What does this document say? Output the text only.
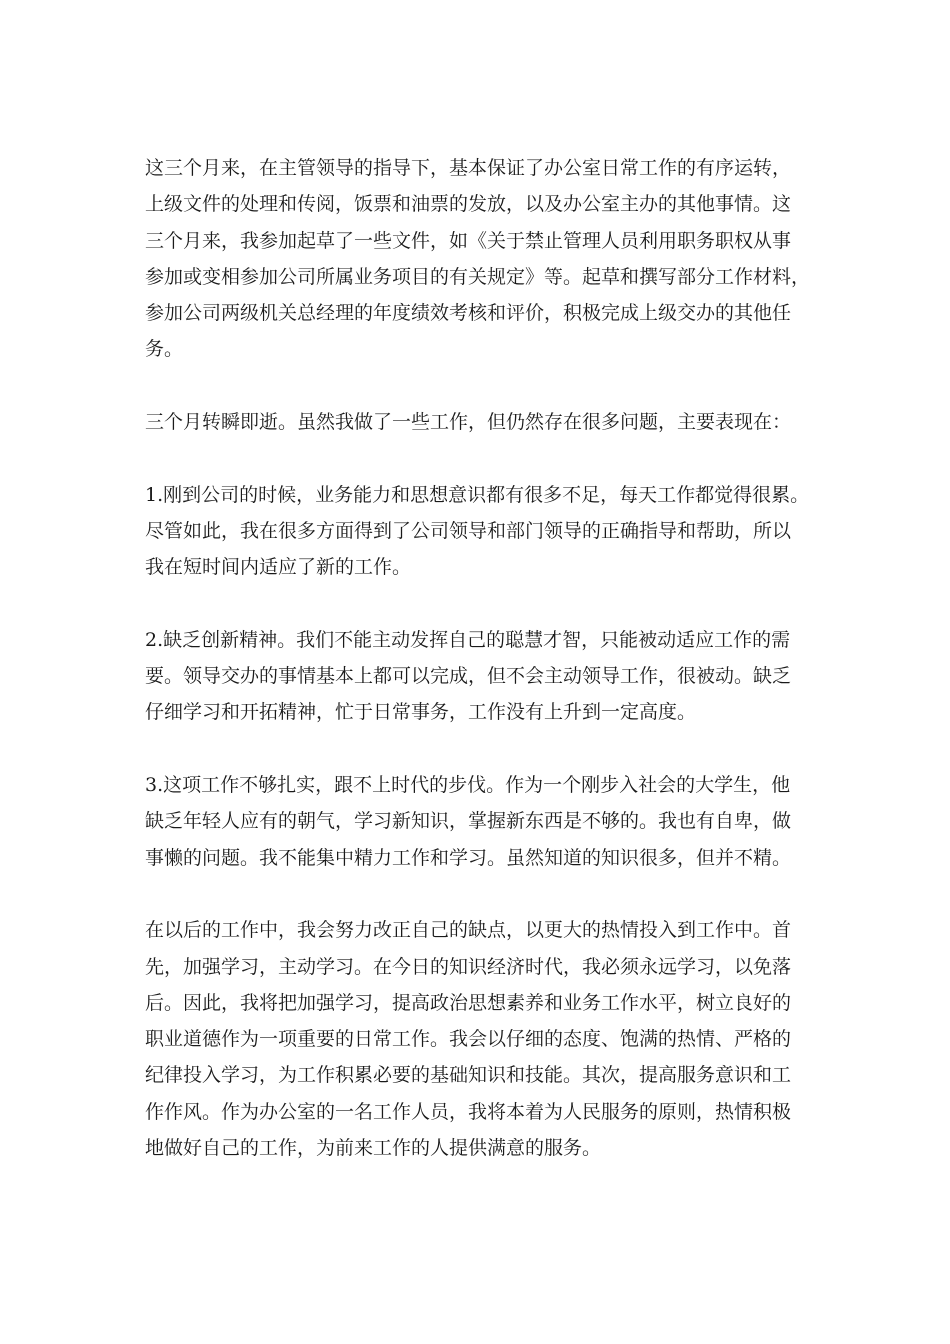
这三个月来，在主管领导的指导下，基本保证了办公室日常工作的有序运转，
上级文件的处理和传阅，饭票和油票的发放，以及办公室主办的其他事情。这
三个月来，我参加起草了一些文件，如《关于禁止管理人员利用职务职权从事
参加或变相参加公司所属业务项目的有关规定》等。起草和撰写部分工作材料，
参加公司两级机关总经理的年度绩效考核和评价，积极完成上级交办的其他任
务。

三个月转瞬即逝。虽然我做了一些工作，但仍然存在很多问题，主要表现在：

1.刚到公司的时候，业务能力和思想意识都有很多不足，每天工作都觉得很累。
尽管如此，我在很多方面得到了公司领导和部门领导的正确指导和帮助，所以
我在短时间内适应了新的工作。

2.缺乏创新精神。我们不能主动发挥自己的聪慧才智，只能被动适应工作的需
要。领导交办的事情基本上都可以完成，但不会主动领导工作，很被动。缺乏
仔细学习和开拓精神，忙于日常事务，工作没有上升到一定高度。

3.这项工作不够扎实，跟不上时代的步伐。作为一个刚步入社会的大学生，他
缺乏年轻人应有的朝气，学习新知识，掌握新东西是不够的。我也有自卑，做
事懒的问题。我不能集中精力工作和学习。虽然知道的知识很多，但并不精。

在以后的工作中，我会努力改正自己的缺点，以更大的热情投入到工作中。首
先，加强学习，主动学习。在今日的知识经济时代，我必须永远学习，以免落
后。因此，我将把加强学习，提高政治思想素养和业务工作水平，树立良好的
职业道德作为一项重要的日常工作。我会以仔细的态度、饱满的热情、严格的
纪律投入学习，为工作积累必要的基础知识和技能。其次，提高服务意识和工
作作风。作为办公室的一名工作人员，我将本着为人民服务的原则，热情积极
地做好自己的工作，为前来工作的人提供满意的服务。
